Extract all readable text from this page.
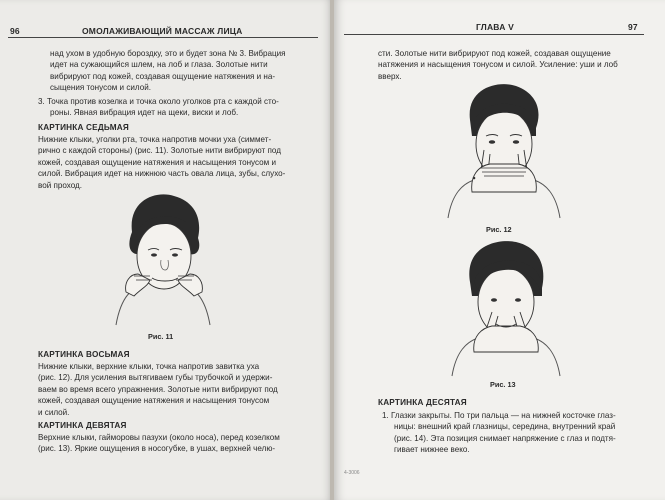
96	ОМОЛАЖИВАЮЩИЙ МАССАЖ ЛИЦА

над ухом в удобную бороздку, это и будет зона № 3. Вибрация

идет на сужающийся шлем, на лоб и глаза. Золотые нити

вибрируют под кожей, создавая ощущение натяжения и на-

сыщения тонусом и силой.

3. Точка против козелка и точка около уголков рта с каждой сто-

роны. Явная вибрация идет на щеки, виски и лоб.

КАРТИНКА СЕДЬМАЯ

Нижние клыки, уголки рта, точка напротив мочки уха (симмет-

рично с каждой стороны) (рис. 11). Золотые нити вибрируют под

кожей, создавая ощущение натяжения и насыщения тонусом и

силой. Вибрация идет на нижнюю часть овала лица, зубы, слухо-

вой проход.

Рис. 11
КАРТИНКА ВОСЬМАЯ

Нижние клыки, верхние клыки, точка напротив завитка уха

(рис. 12). Для усиления вытягиваем губы трубочкой и удержи-

ваем во время всего упражнения. Золотые нити вибрируют под

кожей, создавая ощущение натяжения и насыщения тонусом

и силой.

КАРТИНКА ДЕВЯТАЯ

Верхние клыки, гайморовы пазухи (около носа), перед козелком

(рис. 13). Яркие ощущения в носогубке, в ушах, верхней челю-

ГЛАВА V	97

сти. Золотые нити вибрируют под кожей, создавая ощущение

натяжения и насыщения тонусом и силой. Усиление: уши и лоб

вверх.

Рис. 12
Рис. 13
КАРТИНКА ДЕСЯТАЯ

1. Глазки закрыты. По три пальца — на нижней косточке глаз-

ницы: внешний край глазницы, середина, внутренний край

(рис. 14). Эта позиция снимает напряжение с глаз и подтя-

гивает нижнее веко.

4-3006
